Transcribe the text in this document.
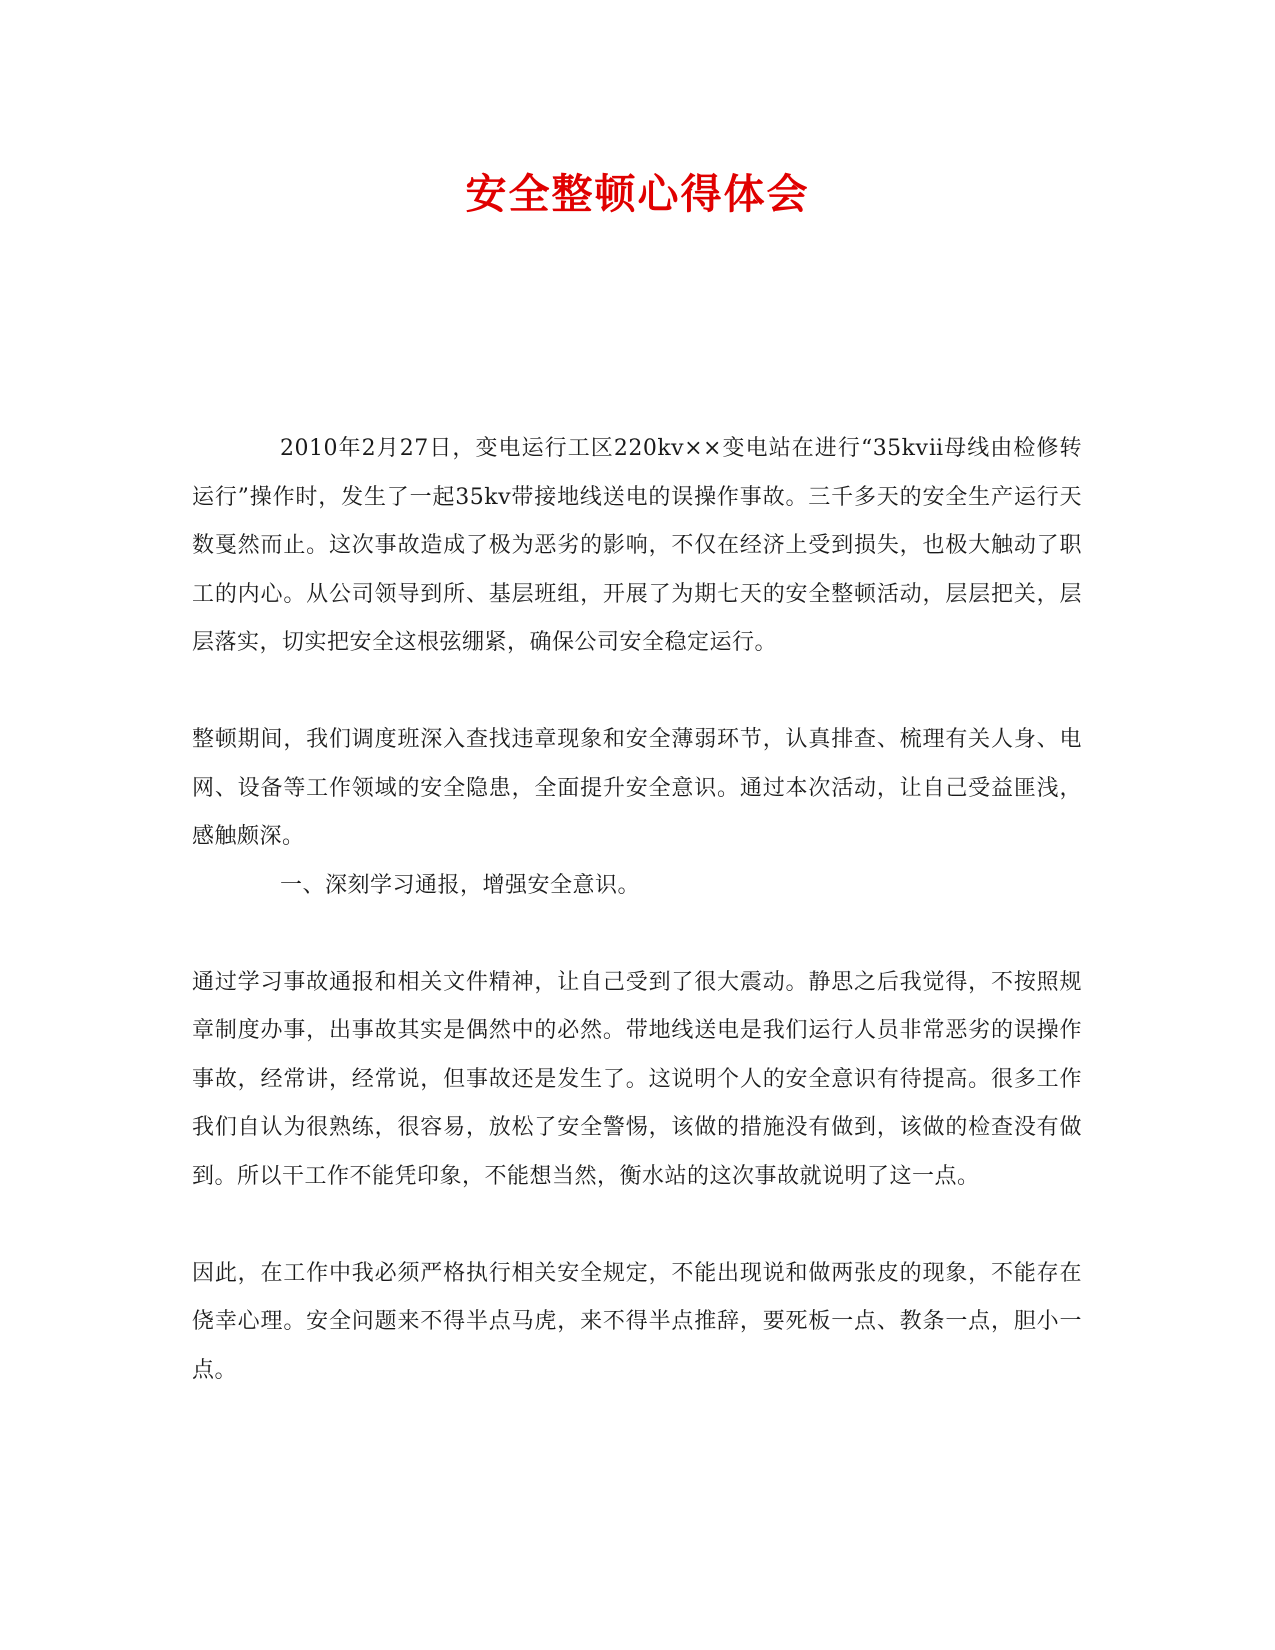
安全整顿心得体会

2010年2月27日，变电运行工区220kv××变电站在进行“35kvⅱ母线由检修转运行”操作时，发生了一起35kv带接地线送电的误操作事故。三千多天的安全生产运行天数戛然而止。这次事故造成了极为恶劣的影响，不仅在经济上受到损失，也极大触动了职工的内心。从公司领导到所、基层班组，开展了为期七天的安全整顿活动，层层把关，层层落实，切实把安全这根弦绷紧，确保公司安全稳定运行。

整顿期间，我们调度班深入查找违章现象和安全薄弱环节，认真排查、梳理有关人身、电网、设备等工作领域的安全隐患，全面提升安全意识。通过本次活动，让自己受益匪浅，感触颇深。

一、深刻学习通报，增强安全意识。

通过学习事故通报和相关文件精神，让自己受到了很大震动。静思之后我觉得，不按照规章制度办事，出事故其实是偶然中的必然。带地线送电是我们运行人员非常恶劣的误操作事故，经常讲，经常说，但事故还是发生了。这说明个人的安全意识有待提高。很多工作我们自认为很熟练，很容易，放松了安全警惕，该做的措施没有做到，该做的检查没有做到。所以干工作不能凭印象，不能想当然，衡水站的这次事故就说明了这一点。

因此，在工作中我必须严格执行相关安全规定，不能出现说和做两张皮的现象，不能存在侥幸心理。安全问题来不得半点马虎，来不得半点推辞，要死板一点、教条一点，胆小一点。
